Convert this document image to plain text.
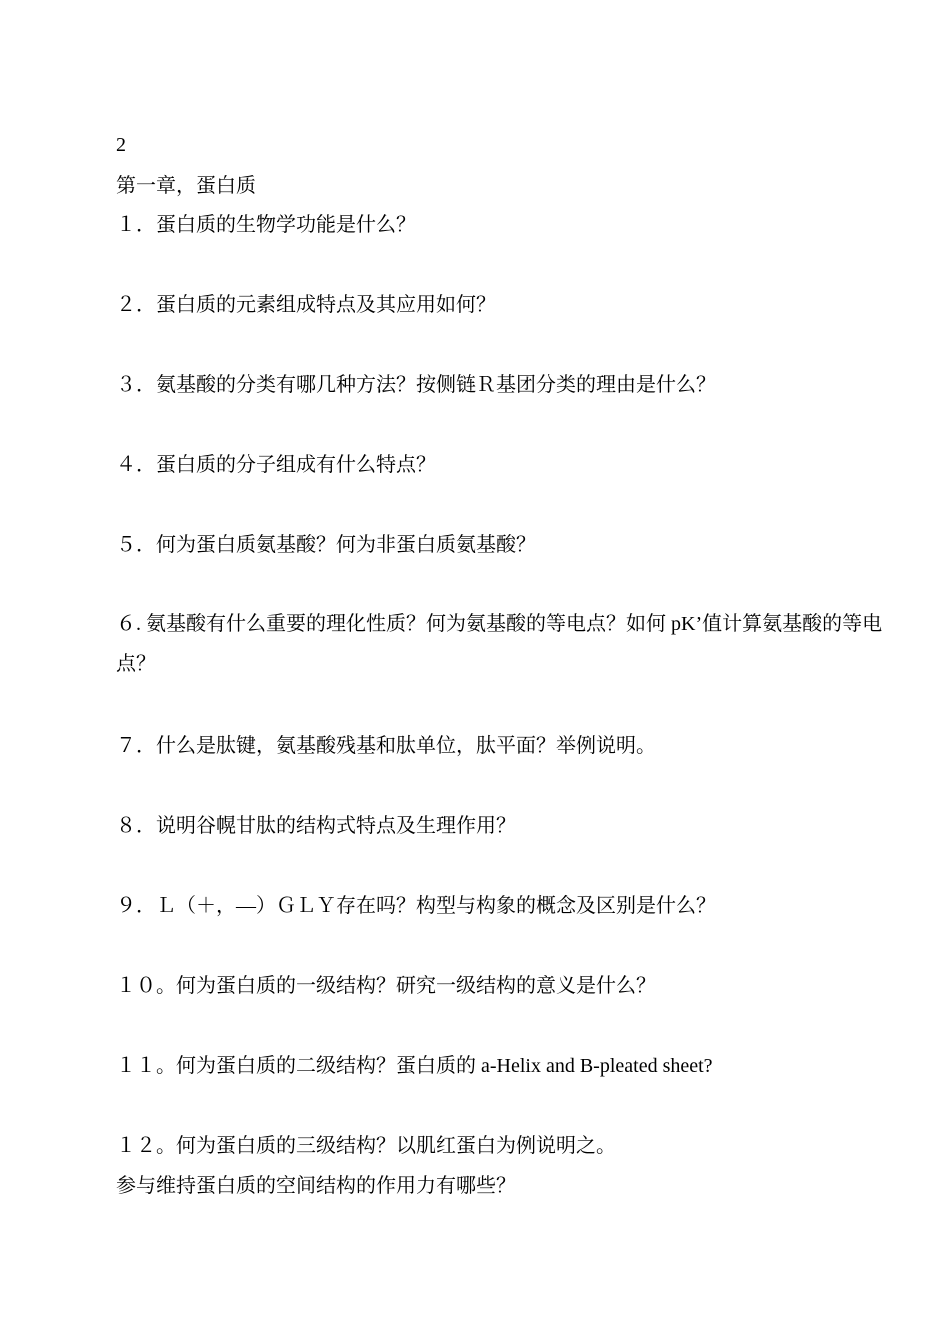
2
第一章，蛋白质
１．蛋白质的生物学功能是什么？
２．蛋白质的元素组成特点及其应用如何？
３．氨基酸的分类有哪几种方法？按侧链Ｒ基团分类的理由是什么？
４．蛋白质的分子组成有什么特点？
５．何为蛋白质氨基酸？何为非蛋白质氨基酸？
６. 氨基酸有什么重要的理化性质？何为氨基酸的等电点？如何 pK’值计算氨基酸的等电点？
７．什么是肽键，氨基酸残基和肽单位，肽平面？举例说明。
８．说明谷幌甘肽的结构式特点及生理作用？
９．Ｌ（＋，—）ＧＬＹ存在吗？构型与构象的概念及区别是什么？
１０。何为蛋白质的一级结构？研究一级结构的意义是什么？
１１。何为蛋白质的二级结构？蛋白质的 a-Helix and B-pleated sheet?
１２。何为蛋白质的三级结构？以肌红蛋白为例说明之。
参与维持蛋白质的空间结构的作用力有哪些？
